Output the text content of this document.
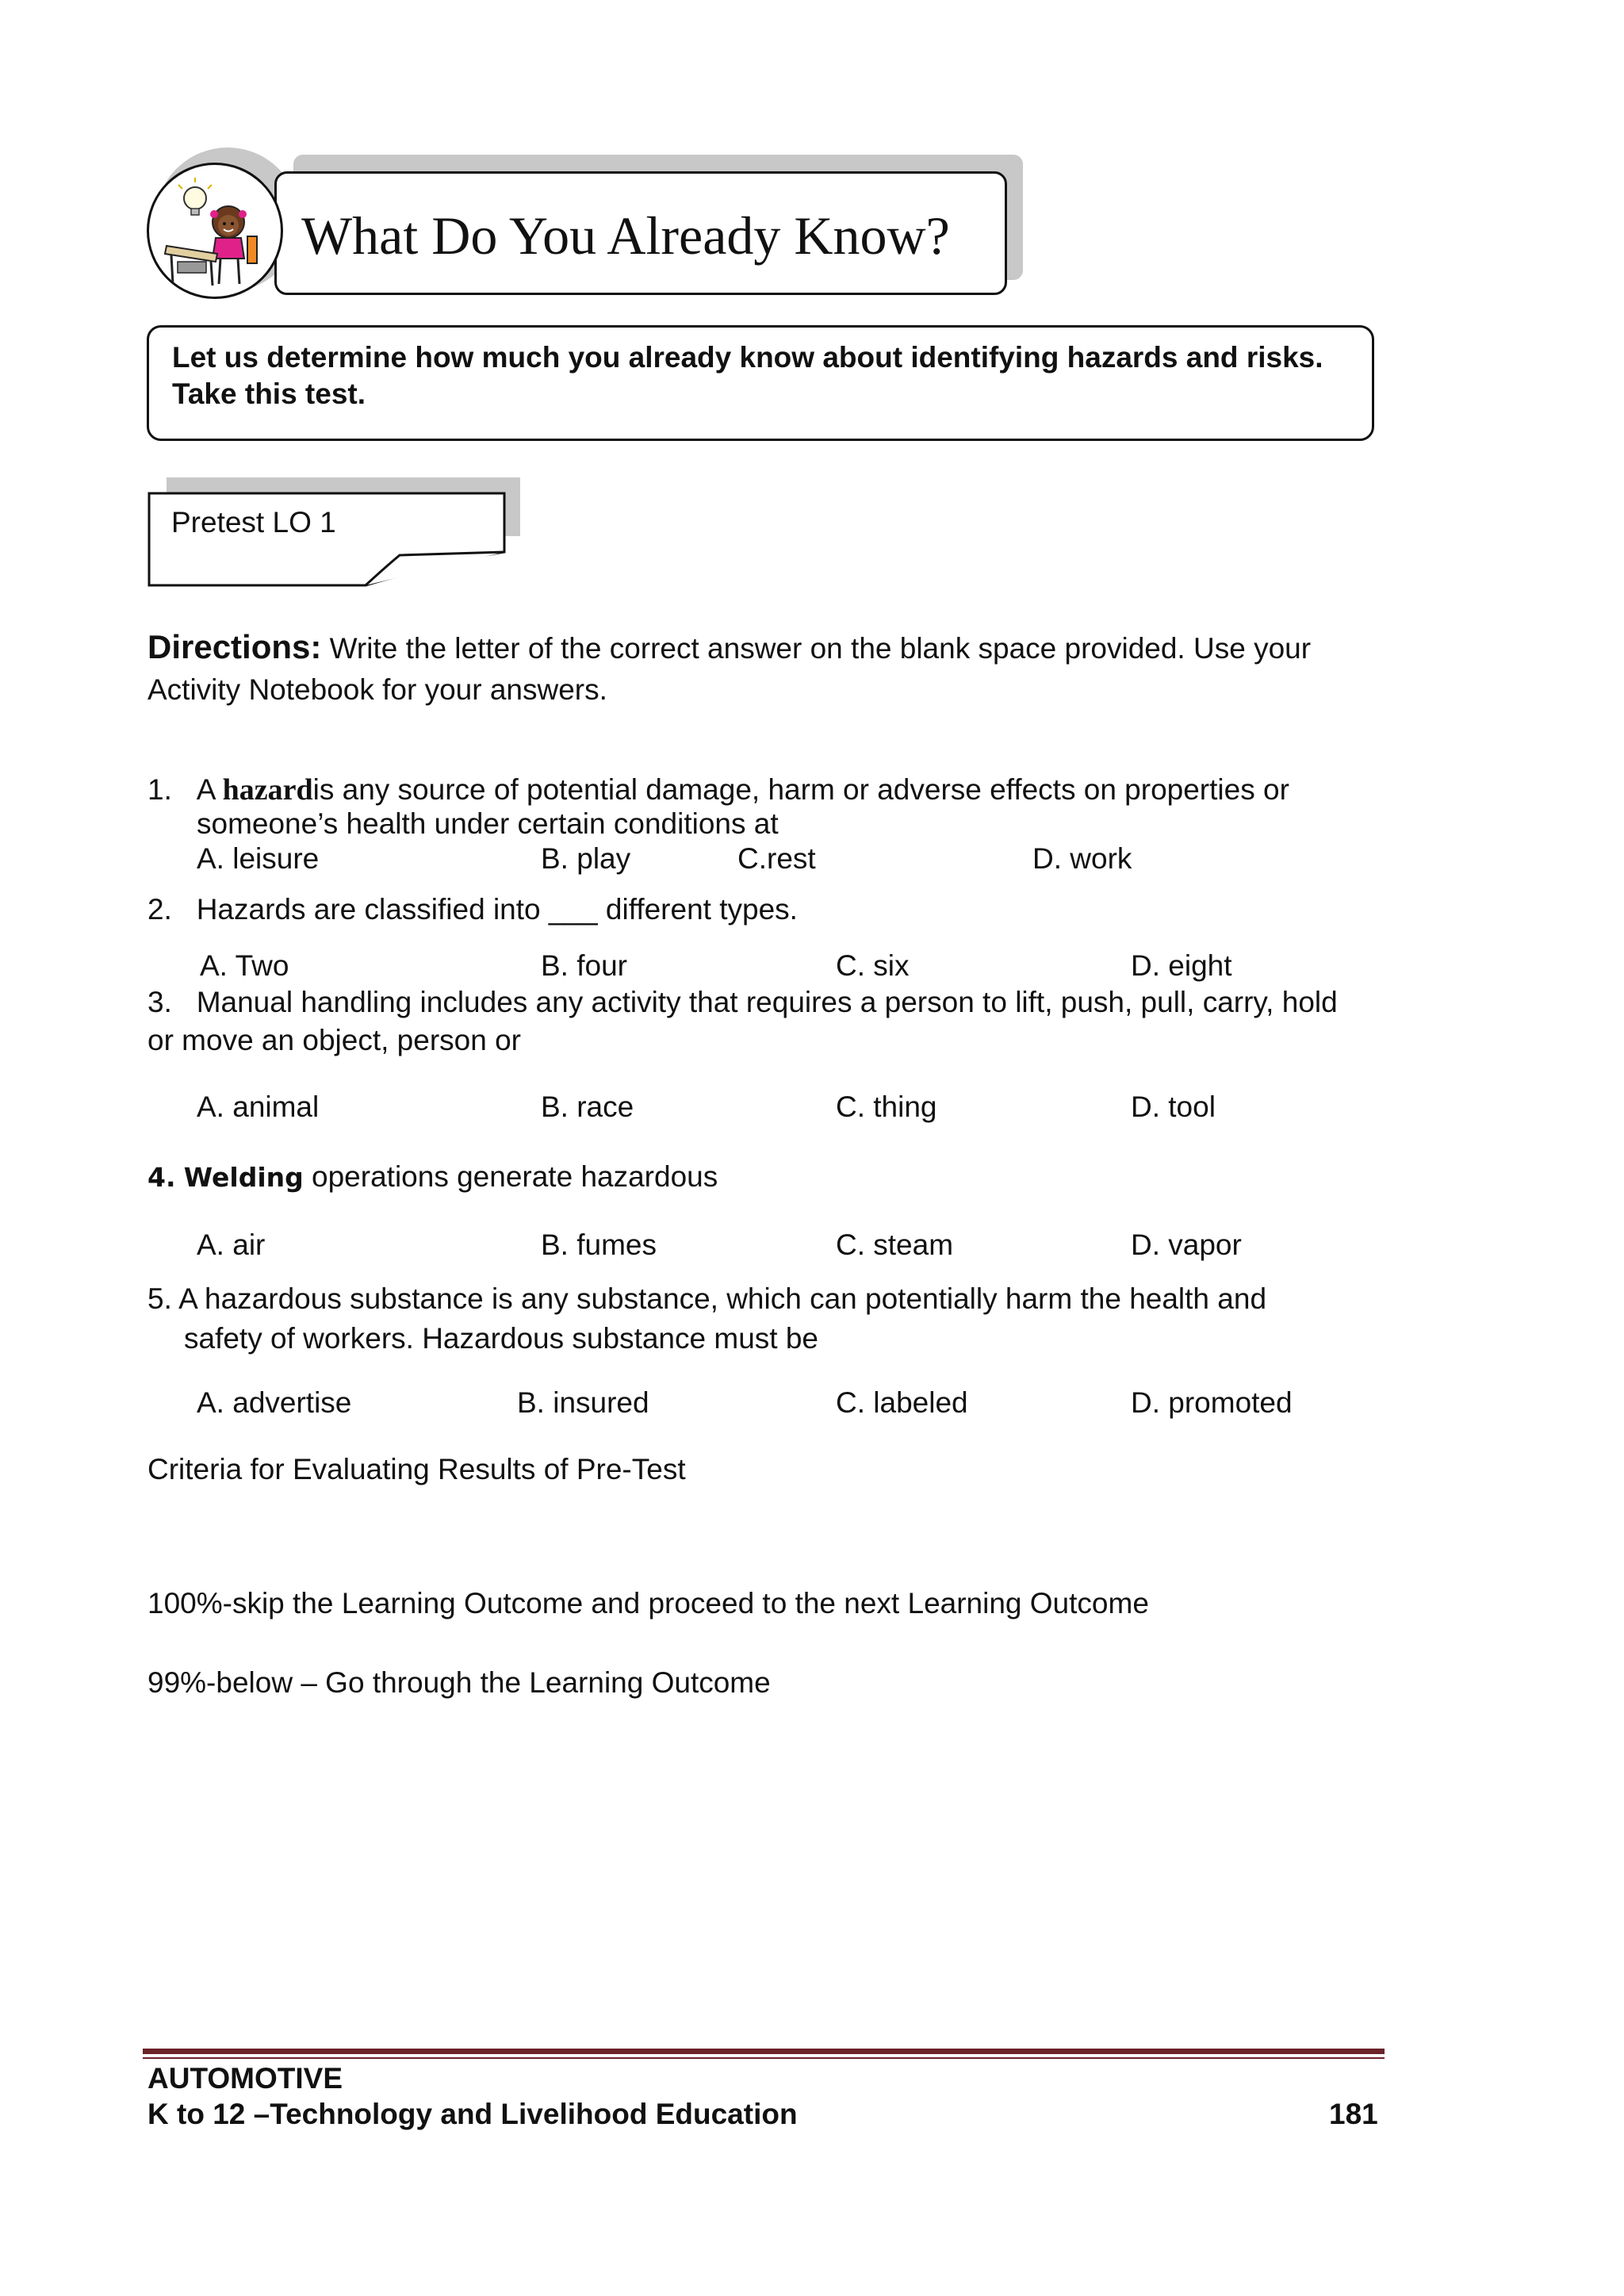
What Do You Already Know?
Let us determine how much you already know about identifying hazards and risks. Take this test.
Pretest LO 1
Directions: Write the letter of the correct answer on the blank space provided. Use your Activity Notebook for your answers.
1. A hazardis any source of potential damage, harm or adverse effects on properties or
someone’s health under certain conditions at
A. leisure	B. play	C.rest	D. work
2. Hazards are classified into ___ different types.
A. Two	B. four	C. six	D. eight
3. Manual handling includes any activity that requires a person to lift, push, pull, carry, hold
or move an object, person or
A. animal	B. race	C. thing	D. tool
4. Welding operations generate hazardous
A. air	B. fumes	C. steam	D. vapor
5. A hazardous substance is any substance, which can potentially harm the health and
safety of workers. Hazardous substance must be
A. advertise	B. insured	C. labeled	D. promoted
Criteria for Evaluating Results of Pre-Test
100%-skip the Learning Outcome and proceed to the next Learning Outcome
99%-below – Go through the Learning Outcome
AUTOMOTIVE
K to 12 –Technology and Livelihood Education	181
